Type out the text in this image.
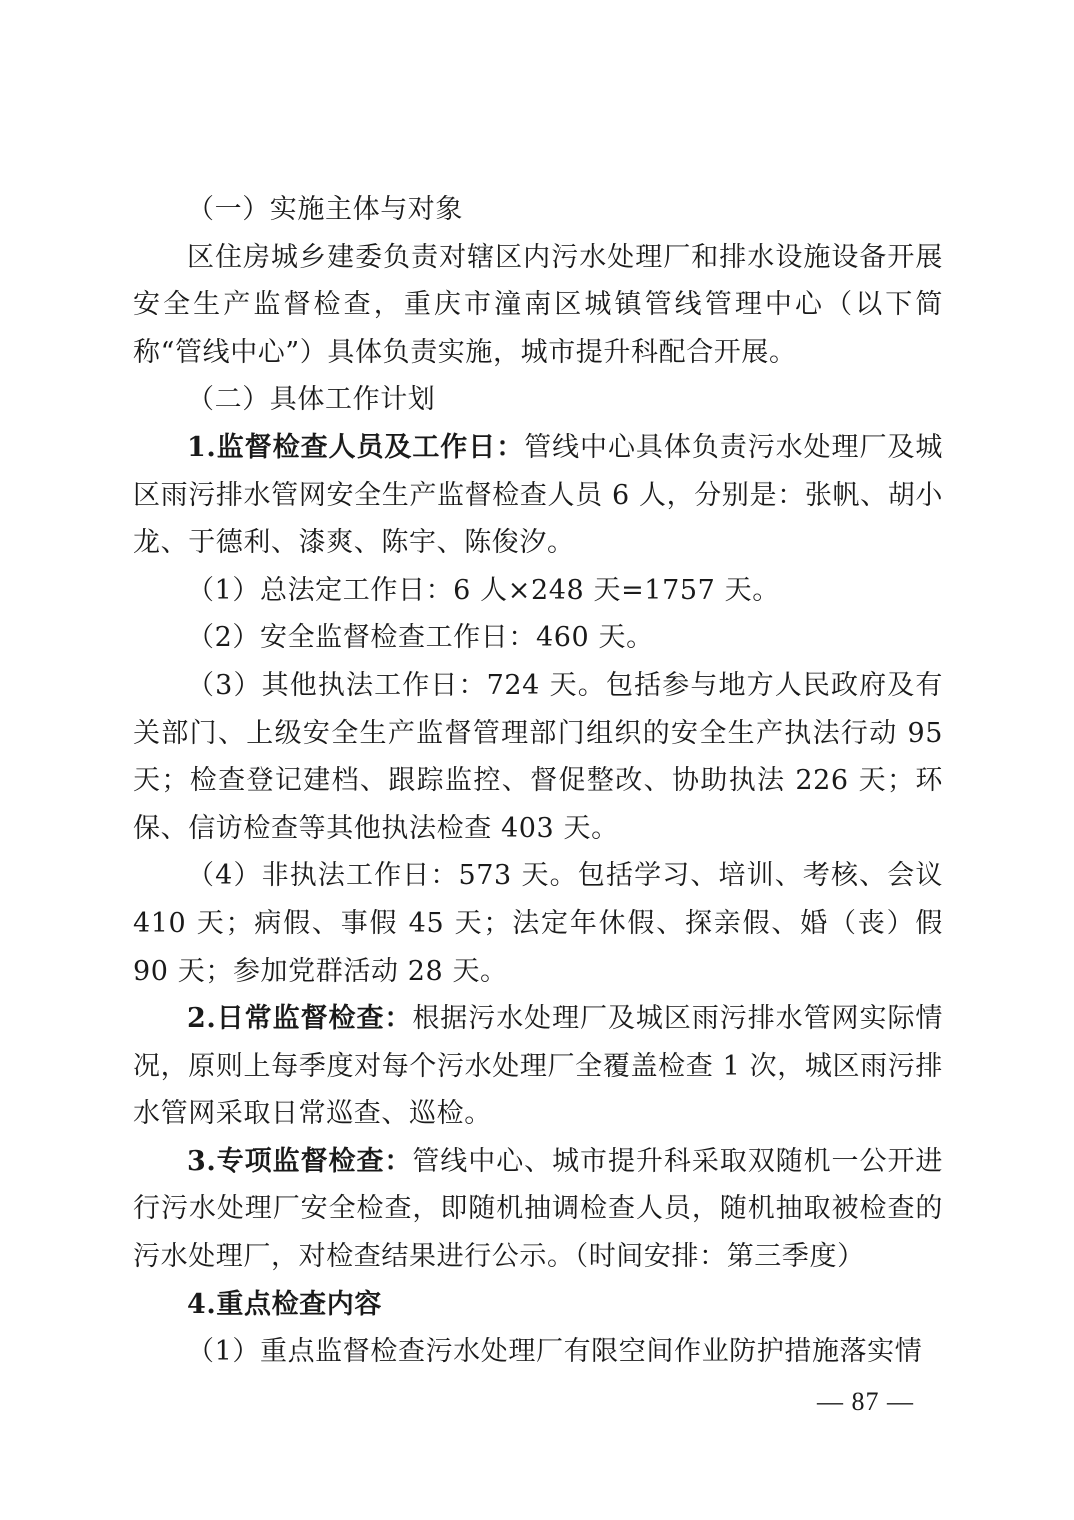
（一）实施主体与对象

区住房城乡建委负责对辖区内污水处理厂和排水设施设备开展安全生产监督检查，重庆市潼南区城镇管线管理中心（以下简称“管线中心”）具体负责实施，城市提升科配合开展。

（二）具体工作计划

1.监督检查人员及工作日：管线中心具体负责污水处理厂及城区雨污排水管网安全生产监督检查人员 6 人，分别是：张帆、胡小龙、于德利、漆爽、陈宇、陈俊汐。

（1）总法定工作日：6 人×248 天=1757 天。

（2）安全监督检查工作日：460 天。

（3）其他执法工作日：724 天。包括参与地方人民政府及有关部门、上级安全生产监督管理部门组织的安全生产执法行动 95 天；检查登记建档、跟踪监控、督促整改、协助执法 226 天；环保、信访检查等其他执法检查 403 天。

（4）非执法工作日：573 天。包括学习、培训、考核、会议 410 天；病假、事假 45 天；法定年休假、探亲假、婚（丧）假 90 天；参加党群活动 28 天。

2.日常监督检查：根据污水处理厂及城区雨污排水管网实际情况，原则上每季度对每个污水处理厂全覆盖检查 1 次，城区雨污排水管网采取日常巡查、巡检。

3.专项监督检查：管线中心、城市提升科采取双随机一公开进行污水处理厂安全检查，即随机抽调检查人员，随机抽取被检查的污水处理厂，对检查结果进行公示。（时间安排：第三季度）

4.重点检查内容

（1）重点监督检查污水处理厂有限空间作业防护措施落实情

— 87 —
